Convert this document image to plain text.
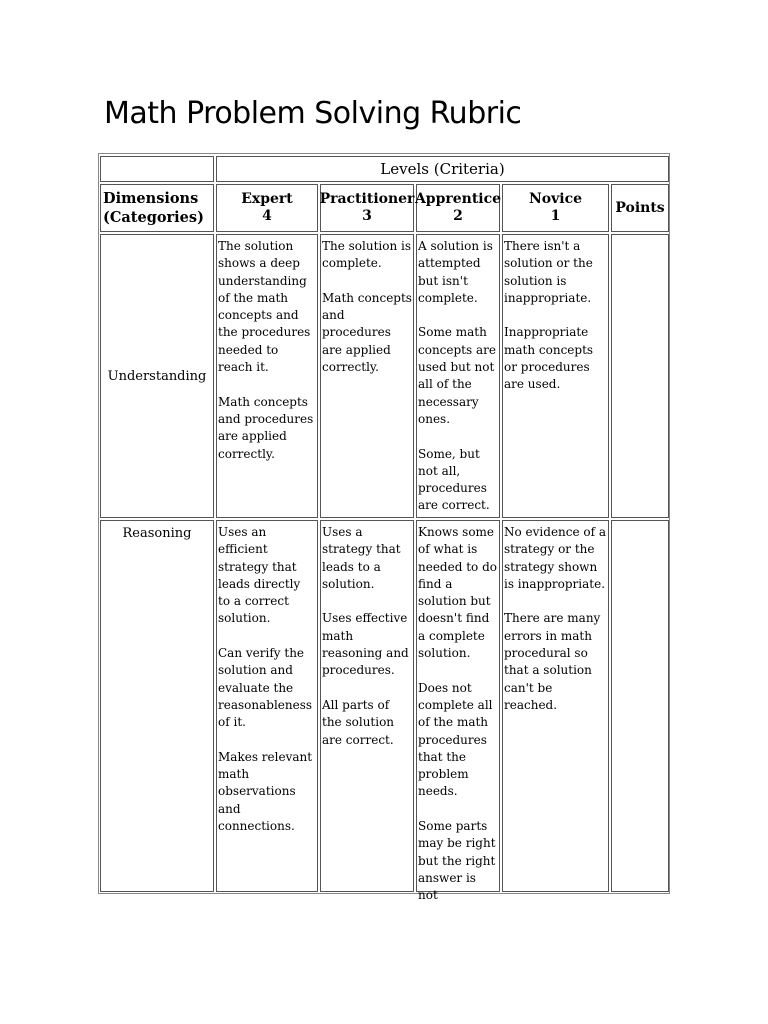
Math Problem Solving Rubric
Levels (Criteria)
Dimensions
(Categories)
Expert
4
Practitioner
3
Apprentice
2
Novice
1
Points
Understanding

The solution shows a deep understanding of the math concepts and the procedures needed to reach it.

Math concepts and procedures are applied correctly.

The solution is complete.

Math concepts and procedures are applied correctly.

A solution is attempted but isn't complete.

Some math concepts are used but not all of the necessary ones.

Some, but not all, procedures are correct.

There isn't a solution or the solution is inappropriate.

Inappropriate math concepts or procedures are used.

Reasoning Uses an efficient strategy that leads directly to a correct solution.

Can verify the solution and evaluate the reasonableness of it.

Makes relevant math observations and connections.

Uses a strategy that leads to a solution.

Uses effective math reasoning and procedures.

All parts of the solution are correct.

Knows some of what is needed to do find a solution but doesn't find a complete solution.

Does not complete all of the math procedures that the problem needs.

Some parts may be right but the right answer is not

No evidence of a strategy or the strategy shown is inappropriate.

There are many errors in math procedural so that a solution can't be reached.
